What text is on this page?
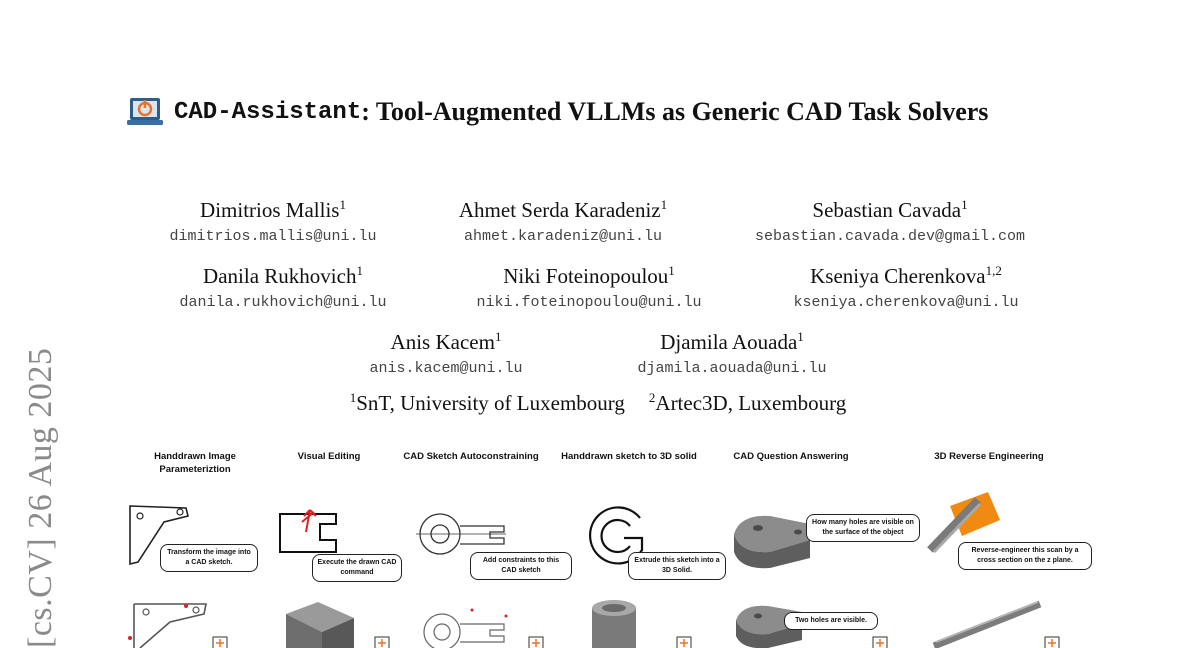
[cs.CV] 26 Aug 2025
CAD-Assistant : Tool-Augmented VLLMs as Generic CAD Task Solvers
Dimitrios Mallis$^1$
dimitrios.mallis@uni.lu
Ahmet Serda Karadeniz$^1$
ahmet.karadeniz@uni.lu
Sebastian Cavada$^1$
sebastian.cavada.dev@gmail.com
Danila Rukhovich$^1$
danila.rukhovich@uni.lu
Niki Foteinopoulou$^1$
niki.foteinopoulou@uni.lu
Kseniya Cherenkova$^{1,2}$
kseniya.cherenkova@uni.lu
Anis Kacem$^1$
anis.kacem@uni.lu
Djamila Aouada$^1$
djamila.aouada@uni.lu
$^1$SnT, University of Luxembourg $^2$Artec3D, Luxembourg
Handdrawn Image Parameteriztion
Transform the image into a CAD sketch.
Visual Editing
Execute the drawn CAD command
CAD Sketch Autoconstraining
Add constraints to this CAD sketch
Handdrawn sketch to 3D solid
Extrude this sketch into a 3D Solid.
CAD Question Answering
How many holes are visible on the surface of the object
Two holes are visible.
3D Reverse Engineering
Reverse-engineer this scan by a cross section on the z plane.
